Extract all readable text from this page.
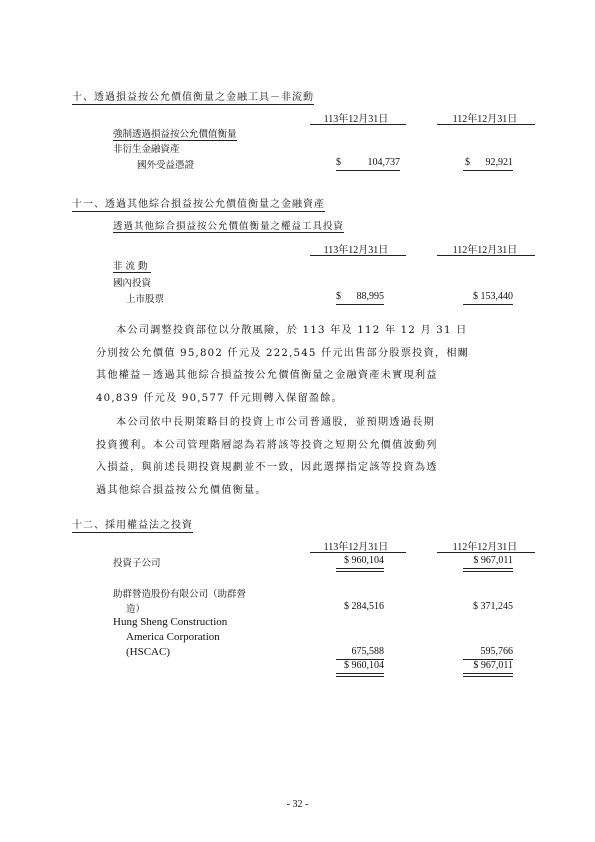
十、透過損益按公允價值衡量之金融工具－非流動
113年12月31日	112年12月31日
強制透過損益按公允價值衡量
非衍生金融資產
國外受益憑證	$	104,737	$	92,921
十一、透過其他綜合損益按公允價值衡量之金融資產
透過其他綜合損益按公允價值衡量之權益工具投資
113年12月31日	112年12月31日
非流動
國內投資
上市股票	$	88,995	$ 153,440
本公司調整投資部位以分散風險，於 113 年及 112 年 12 月 31 日
分別按公允價值 95,802 仟元及 222,545 仟元出售部分股票投資，相關
其他權益－透過其他綜合損益按公允價值衡量之金融資產未實現利益
40,839 仟元及 90,577 仟元則轉入保留盈餘。
本公司依中長期策略目的投資上市公司普通股，並預期透過長期
投資獲利。本公司管理階層認為若將該等投資之短期公允價值波動列
入損益，與前述長期投資規劃並不一致，因此選擇指定該等投資為透
過其他綜合損益按公允價值衡量。
十二、採用權益法之投資
113年12月31日	112年12月31日
投資子公司	$ 960,104	$ 967,011
助群營造股份有限公司（助群營
造）	$ 284,516	$ 371,245
Hung Sheng Construction
America Corporation
(HSCAC)	675,588	595,766
$ 960,104	$ 967,011
- 32 -
